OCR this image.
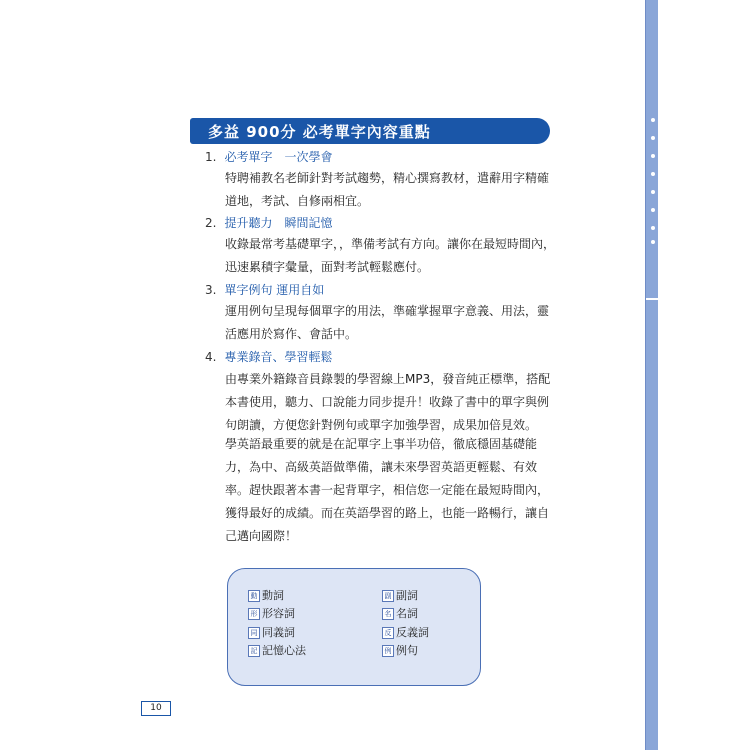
多益 900分 必考單字內容重點
1. 必考單字　一次學會
特聘補教名老師針對考試趨勢，精心撰寫教材，遣辭用字精確道地，考試、自修兩相宜。
2. 提升聽力　瞬間記憶
收錄最常考基礎單字，，準備考試有方向。讓你在最短時間內，迅速累積字彙量，面對考試輕鬆應付。
3. 單字例句 運用自如
運用例句呈現每個單字的用法，準確掌握單字意義、用法，靈活應用於寫作、會話中。
4. 專業錄音、學習輕鬆
由專業外籍錄音員錄製的學習線上MP3，發音純正標準，搭配本書使用，聽力、口說能力同步提升！收錄了書中的單字與例句朗讀，方便您針對例句或單字加強學習，成果加倍見效。
學英語最重要的就是在記單字上事半功倍，徹底穩固基礎能力，為中、高級英語做準備，讓未來學習英語更輕鬆、有效率。趕快跟著本書一起背單字，相信您一定能在最短時間內，獲得最好的成績。而在英語學習的路上，也能一路暢行，讓自己邁向國際！
動 動詞	副 副詞
形 形容詞	名 名詞
同 同義詞	反 反義詞
記 記憶心法	例 例句
10
